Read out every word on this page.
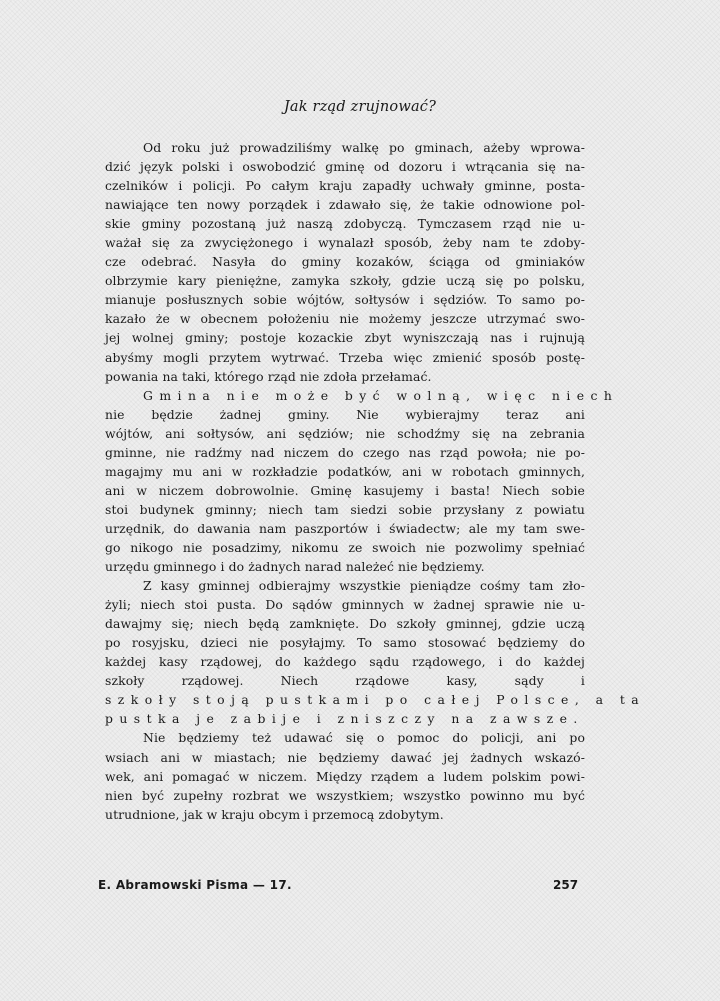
Jak rząd zrujnować?
Od roku już prowadziliśmy walkę po gminach, ażeby wprowa-
dzić język polski i oswobodzić gminę od dozoru i wtrącania się na-
czelników i policji. Po całym kraju zapadły uchwały gminne, posta-
nawiające ten nowy porządek i zdawało się, że takie odnowione pol-
skie gminy pozostaną już naszą zdobyczą. Tymczasem rząd nie u-
ważał się za zwyciężonego i wynalazł sposób, żeby nam te zdoby-
cze odebrać. Nasyła do gminy kozaków, ściąga od gminiaków
olbrzymie kary pieniężne, zamyka szkoły, gdzie uczą się po polsku,
mianuje posłusznych sobie wójtów, sołtysów i sędziów. To samo po-
kazało że w obecnem położeniu nie możemy jeszcze utrzymać swo-
jej wolnej gminy; postoje kozackie zbyt wyniszczają nas i rujnują
abyśmy mogli przytem wytrwać. Trzeba więc zmienić sposób postę-
powania na taki, którego rząd nie zdoła przełamać.
Gmina nie może być wolną, więc niech
nie będzie żadnej gminy. Nie wybierajmy teraz ani
wójtów, ani sołtysów, ani sędziów; nie schodźmy się na zebrania
gminne, nie radźmy nad niczem do czego nas rząd powoła; nie po-
magajmy mu ani w rozkładzie podatków, ani w robotach gminnych,
ani w niczem dobrowolnie. Gminę kasujemy i basta! Niech sobie
stoi budynek gminny; niech tam siedzi sobie przysłany z powiatu
urzędnik, do dawania nam paszportów i świadectw; ale my tam swe-
go nikogo nie posadzimy, nikomu ze swoich nie pozwolimy spełniać
urzędu gminnego i do żadnych narad należeć nie będziemy.
Z kasy gminnej odbierajmy wszystkie pieniądze cośmy tam zło-
żyli; niech stoi pusta. Do sądów gminnych w żadnej sprawie nie u-
dawajmy się; niech będą zamknięte. Do szkoły gminnej, gdzie uczą
po rosyjsku, dzieci nie posyłajmy. To samo stosować będziemy do
każdej kasy rządowej, do każdego sądu rządowego, i do każdej
szkoły rządowej. Niech rządowe kasy, sądy i
szkoły stoją pustkami po całej Polsce, a ta
pustka je zabije i zniszczy na zawsze.
Nie będziemy też udawać się o pomoc do policji, ani po
wsiach ani w miastach; nie będziemy dawać jej żadnych wskazó-
wek, ani pomagać w niczem. Między rządem a ludem polskim powi-
nien być zupełny rozbrat we wszystkiem; wszystko powinno mu być
utrudnione, jak w kraju obcym i przemocą zdobytym.
E. Abramowski Pisma — 17.	257
